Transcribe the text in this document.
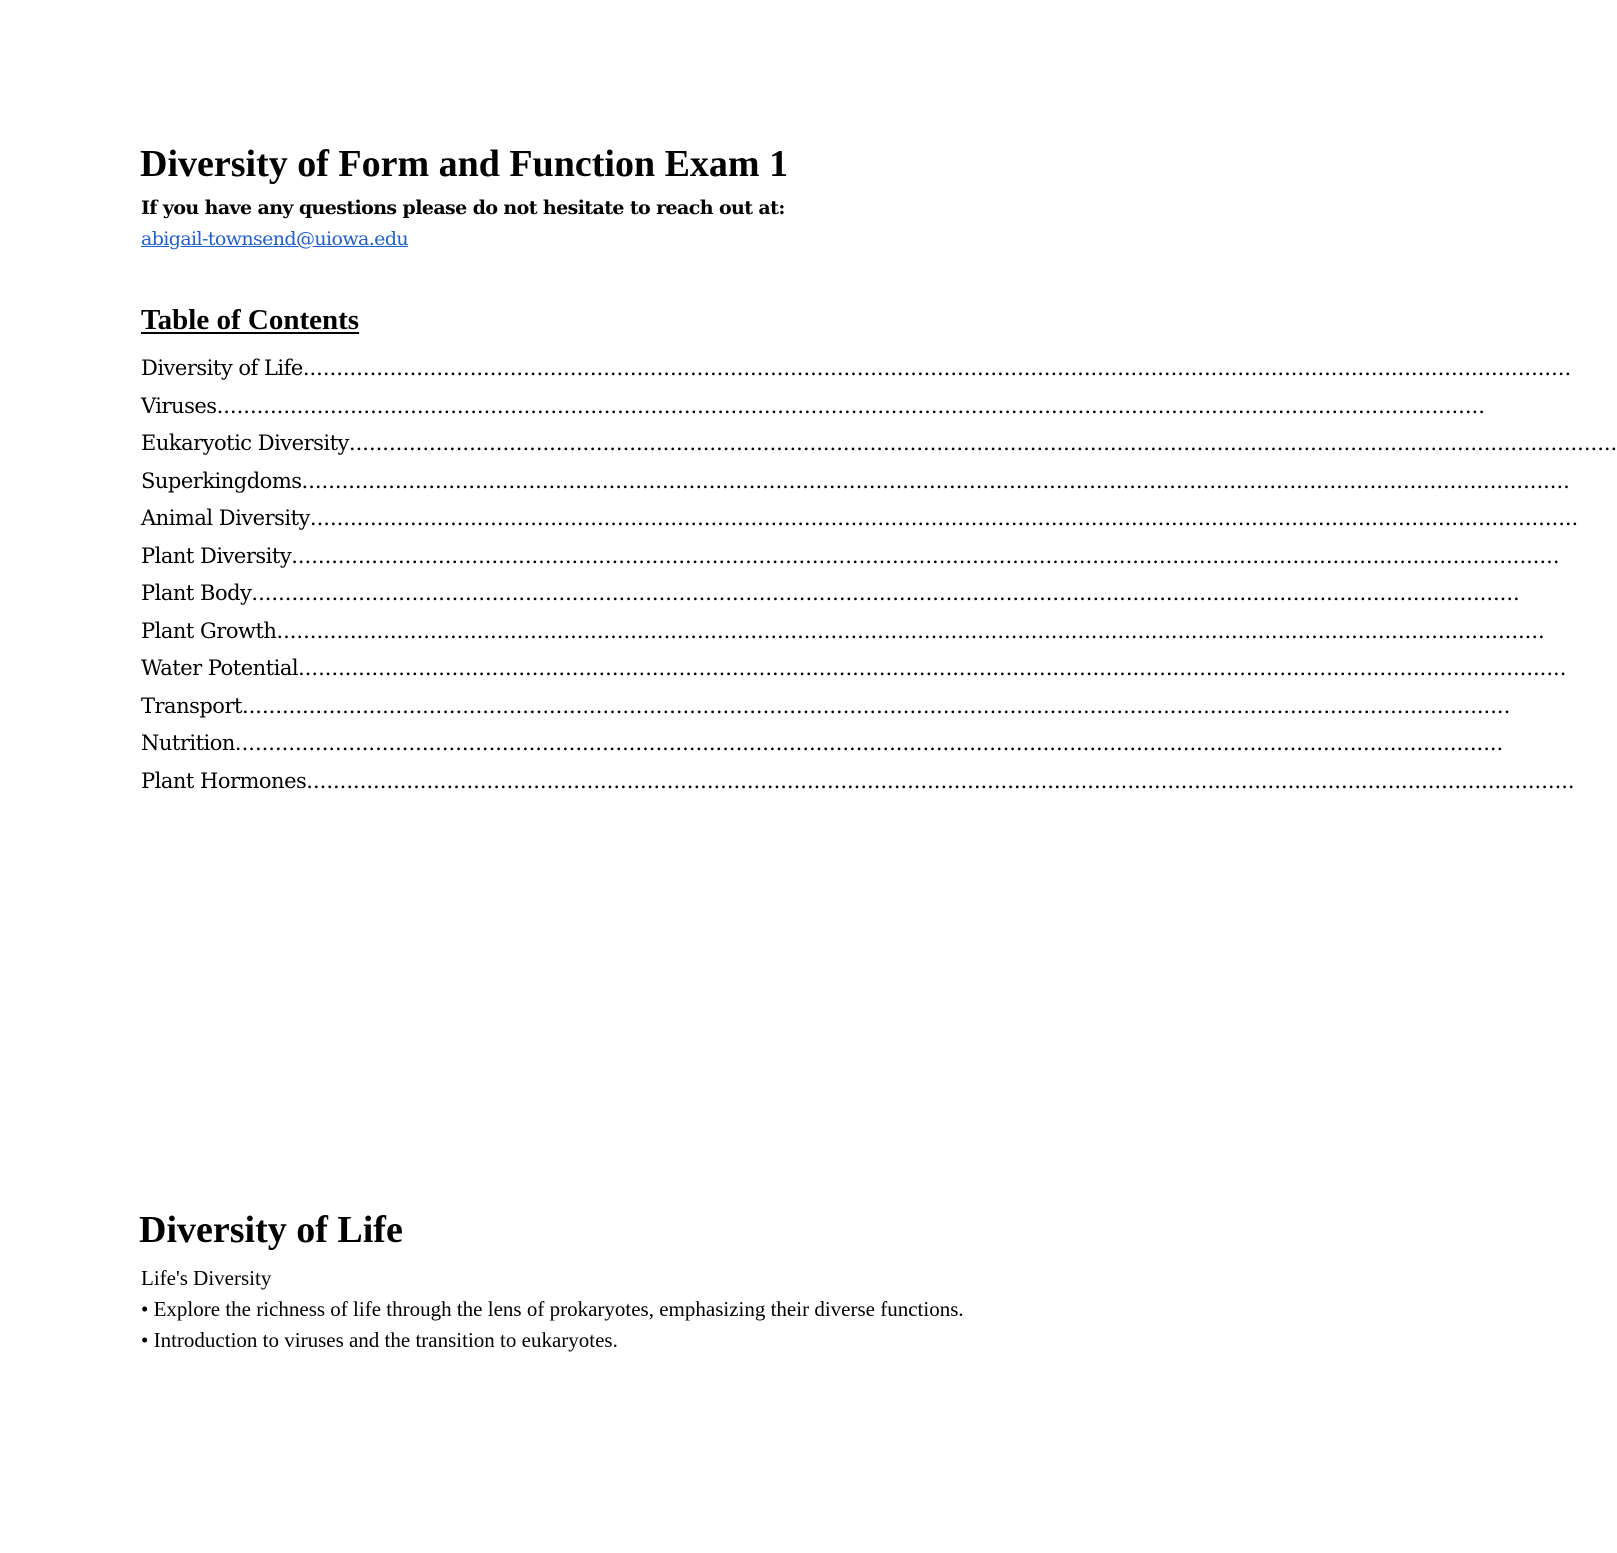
Diversity of Form and Function Exam 1

If you have any questions please do not hesitate to reach out at:

abigail-townsend@uiowa.edu
Table of Contents
Diversity of Life..............................................................................................................................................................................................
Viruses..............................................................................................................................................................................................
Eukaryotic Diversity..............................................................................................................................................................................................
Superkingdoms..............................................................................................................................................................................................
Animal Diversity..............................................................................................................................................................................................
Plant Diversity..............................................................................................................................................................................................
Plant Body..............................................................................................................................................................................................
Plant Growth..............................................................................................................................................................................................
Water Potential..............................................................................................................................................................................................
Transport..............................................................................................................................................................................................
Nutrition..............................................................................................................................................................................................
Plant Hormones..............................................................................................................................................................................................
Diversity of Life

Life's Diversity

• Explore the richness of life through the lens of prokaryotes, emphasizing their diverse functions.

• Introduction to viruses and the transition to eukaryotes.
